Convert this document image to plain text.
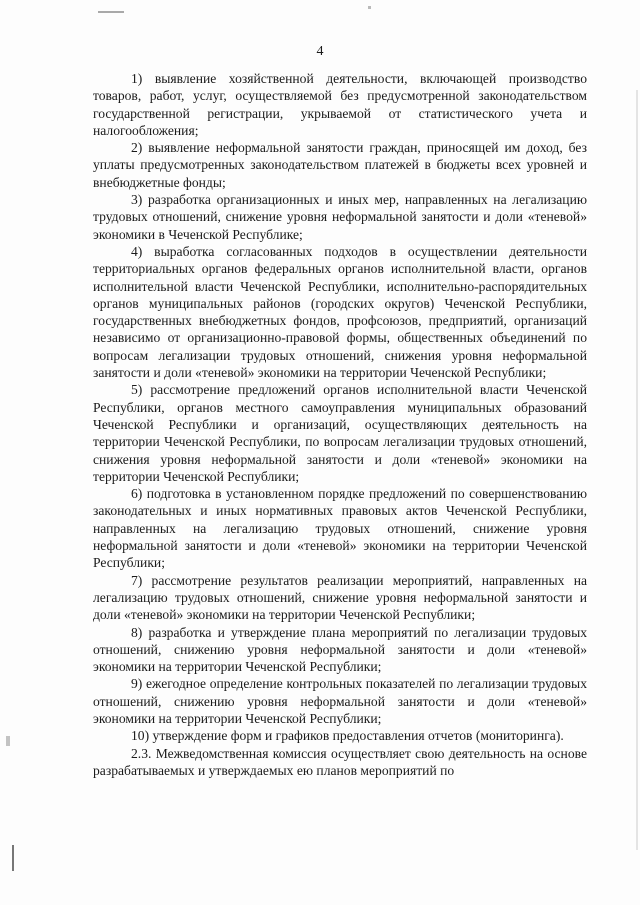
4

1) выявление хозяйственной деятельности, включающей производство товаров, работ, услуг, осуществляемой без предусмотренной законодательством государственной регистрации, укрываемой от статистического учета и налогообложения;

2) выявление неформальной занятости граждан, приносящей им доход, без уплаты предусмотренных законодательством платежей в бюджеты всех уровней и внебюджетные фонды;

3) разработка организационных и иных мер, направленных на легализацию трудовых отношений, снижение уровня неформальной занятости и доли «теневой» экономики в Чеченской Республике;

4) выработка согласованных подходов в осуществлении деятельности территориальных органов федеральных органов исполнительной власти, органов исполнительной власти Чеченской Республики, исполнительно-распорядительных органов муниципальных районов (городских округов) Чеченской Республики, государственных внебюджетных фондов, профсоюзов, предприятий, организаций независимо от организационно-правовой формы, общественных объединений по вопросам легализации трудовых отношений, снижения уровня неформальной занятости и доли «теневой» экономики на территории Чеченской Республики;

5) рассмотрение предложений органов исполнительной власти Чеченской Республики, органов местного самоуправления муниципальных образований Чеченской Республики и организаций, осуществляющих деятельность на территории Чеченской Республики, по вопросам легализации трудовых отношений, снижения уровня неформальной занятости и доли «теневой» экономики на территории Чеченской Республики;

6) подготовка в установленном порядке предложений по совершенствованию законодательных и иных нормативных правовых актов Чеченской Республики, направленных на легализацию трудовых отношений, снижение уровня неформальной занятости и доли «теневой» экономики на территории Чеченской Республики;

7) рассмотрение результатов реализации мероприятий, направленных на легализацию трудовых отношений, снижение уровня неформальной занятости и доли «теневой» экономики на территории Чеченской Республики;

8) разработка и утверждение плана мероприятий по легализации трудовых отношений, снижению уровня неформальной занятости и доли «теневой» экономики на территории Чеченской Республики;

9) ежегодное определение контрольных показателей по легализации трудовых отношений, снижению уровня неформальной занятости и доли «теневой» экономики на территории Чеченской Республики;

10) утверждение форм и графиков предоставления отчетов (мониторинга).

2.3. Межведомственная комиссия осуществляет свою деятельность на основе разрабатываемых и утверждаемых ею планов мероприятий по
